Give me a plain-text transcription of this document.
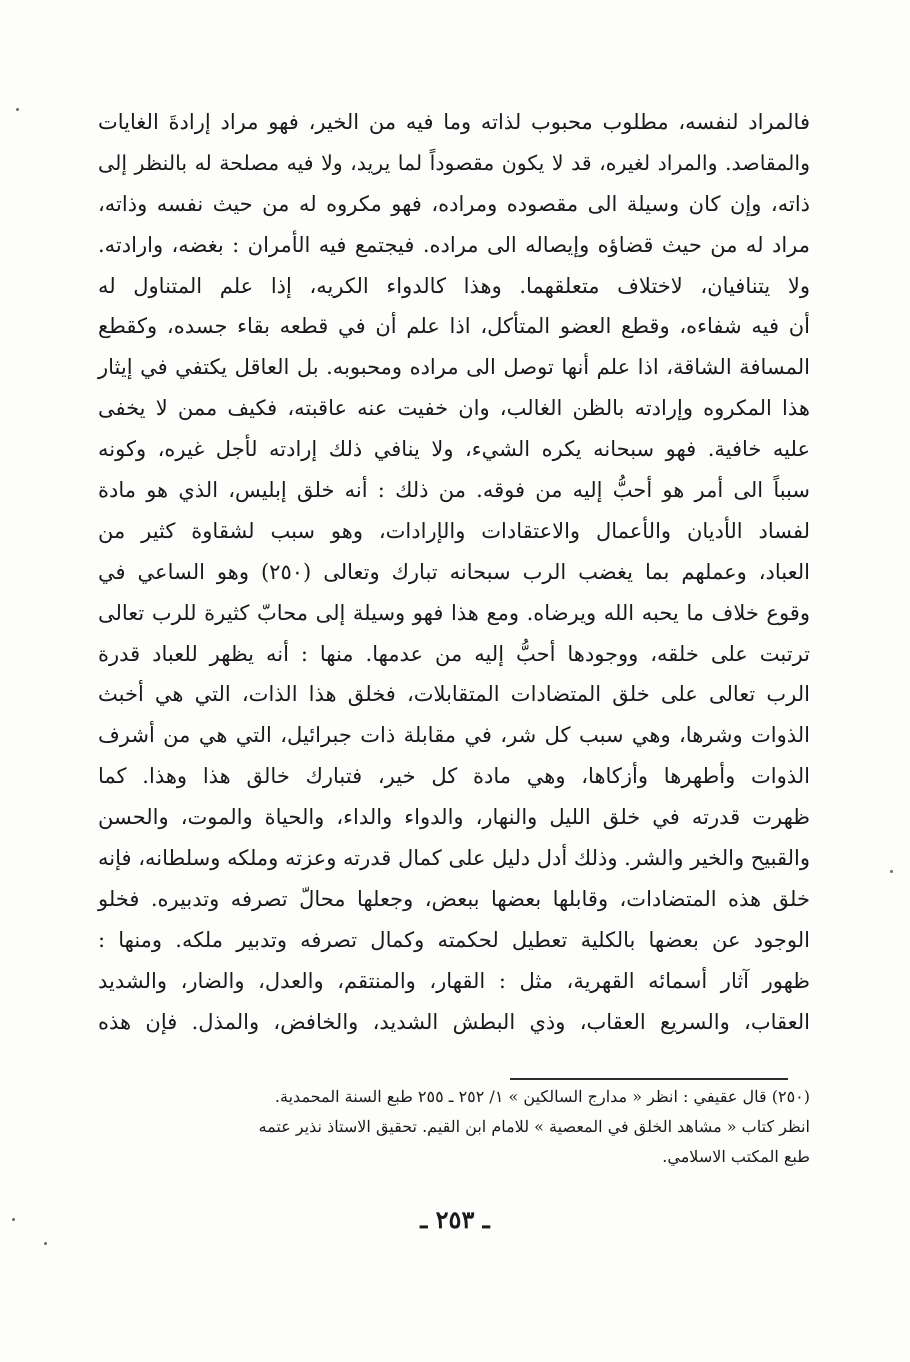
فالمراد لنفسه، مطلوب محبوب لذاته وما فيه من الخير، فهو مراد إرادةَ الغايات
والمقاصد. والمراد لغيره، قد لا يكون مقصوداً لما يريد، ولا فيه مصلحة له بالنظر إلى
ذاته، وإن كان وسيلة الى مقصوده ومراده، فهو مكروه له من حيث نفسه وذاته،
مراد له من حيث قضاؤه وإيصاله الى مراده. فيجتمع فيه الأمران : بغضه، وارادته.
ولا يتنافيان، لاختلاف متعلقهما. وهذا كالدواء الكريه، إذا علم المتناول له
أن فيه شفاءه، وقطع العضو المتأكل، اذا علم أن في قطعه بقاء جسده، وكقطع
المسافة الشاقة، اذا علم أنها توصل الى مراده ومحبوبه. بل العاقل يكتفي في إيثار
هذا المكروه وإرادته بالظن الغالب، وان خفيت عنه عاقبته، فكيف ممن لا يخفى
عليه خافية. فهو سبحانه يكره الشيء، ولا ينافي ذلك إرادته لأجل غيره، وكونه
سبباً الى أمر هو أحبُّ إليه من فوقه. من ذلك : أنه خلق إبليس، الذي هو مادة
لفساد الأديان والأعمال والاعتقادات والإرادات، وهو سبب لشقاوة كثير من
العباد، وعملهم بما يغضب الرب سبحانه تبارك وتعالى (٢٥٠) وهو الساعي في
وقوع خلاف ما يحبه الله ويرضاه. ومع هذا فهو وسيلة إلى محابّ كثيرة للرب تعالى
ترتبت على خلقه، ووجودها أحبُّ إليه من عدمها. منها : أنه يظهر للعباد قدرة
الرب تعالى على خلق المتضادات المتقابلات، فخلق هذا الذات، التي هي أخبث
الذوات وشرها، وهي سبب كل شر، في مقابلة ذات جبرائيل، التي هي من أشرف
الذوات وأطهرها وأزكاها، وهي مادة كل خير، فتبارك خالق هذا وهذا. كما
ظهرت قدرته في خلق الليل والنهار، والدواء والداء، والحياة والموت، والحسن
والقبيح والخير والشر. وذلك أدل دليل على كمال قدرته وعزته وملكه وسلطانه، فإنه
خلق هذه المتضادات، وقابلها بعضها ببعض، وجعلها محالّ تصرفه وتدبيره. فخلو
الوجود عن بعضها بالكلية تعطيل لحكمته وكمال تصرفه وتدبير ملكه. ومنها :
ظهور آثار أسمائه القهرية، مثل : القهار، والمنتقم، والعدل، والضار، والشديد
العقاب، والسريع العقاب، وذي البطش الشديد، والخافض، والمذل. فإن هذه
(٢٥٠) قال عقيفي : انظر « مدارج السالكين » ١/ ٢٥٢ ـ ٢٥٥ طبع السنة المحمدية.
انظر كتاب « مشاهد الخلق في المعصية » للامام ابن القيم. تحقيق الاستاذ نذير عتمه
طبع المكتب الاسلامي.
ـ ٢٥٣ ـ
